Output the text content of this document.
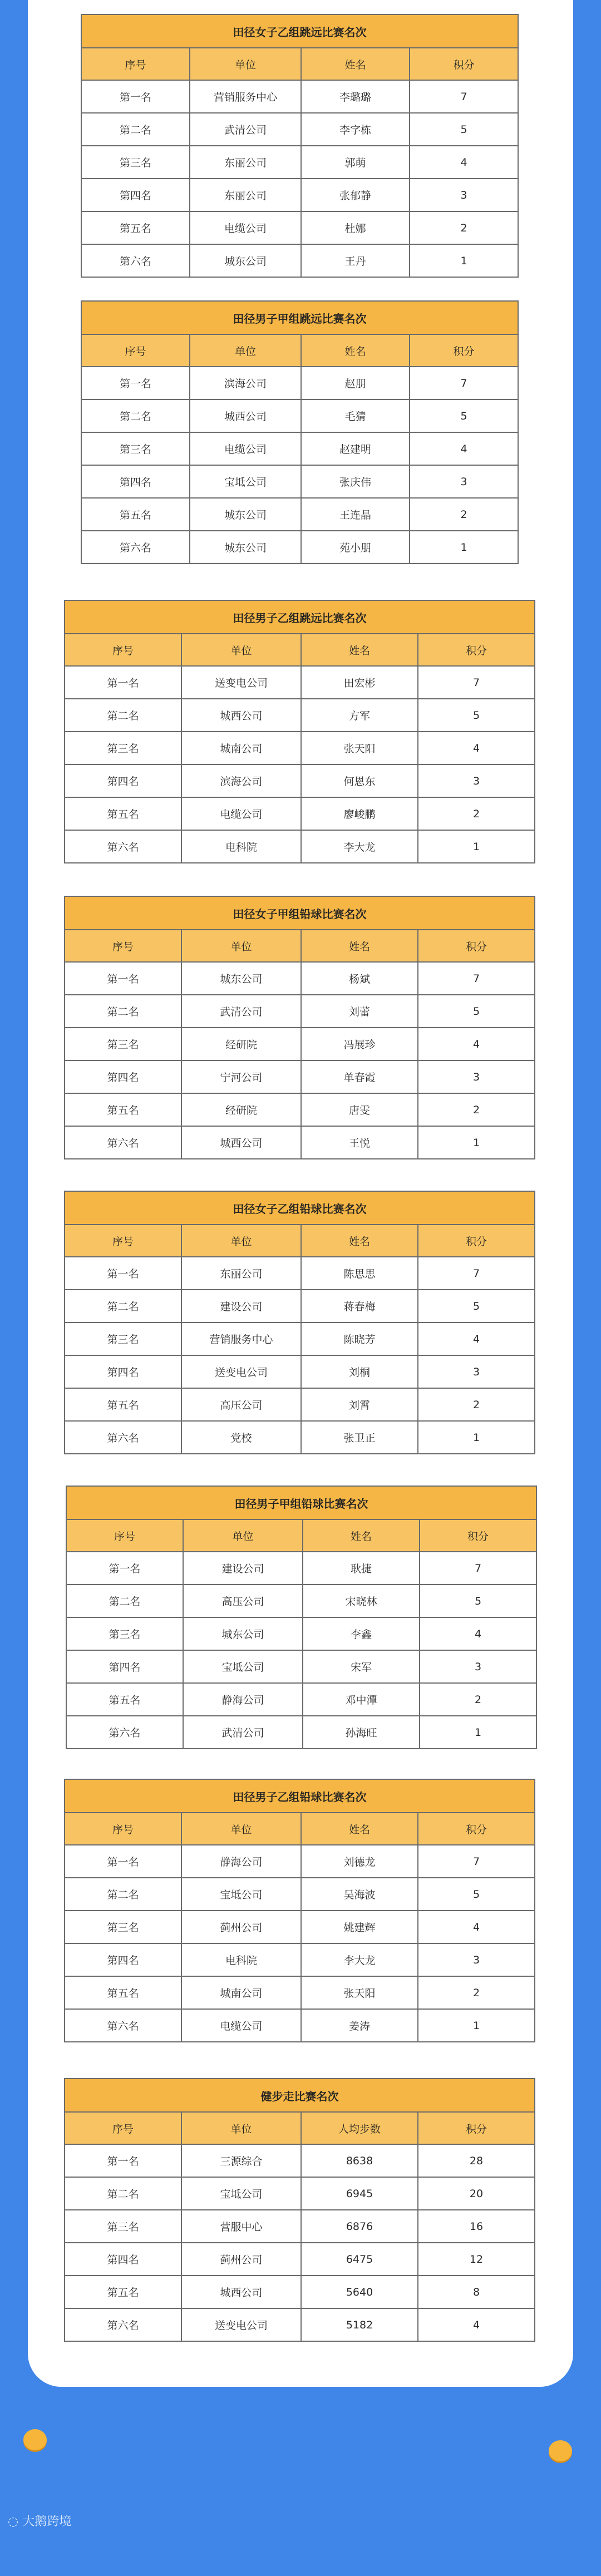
田径女子乙组跳远比赛名次			
序号	单位	姓名	积分
第一名	营销服务中心	李璐璐	7
第二名	武清公司	李字栋	5
第三名	东丽公司	郭萌	4
第四名	东丽公司	张郁静	3
第五名	电缆公司	杜娜	2
第六名	城东公司	王丹	1
田径男子甲组跳远比赛名次			
序号	单位	姓名	积分
第一名	滨海公司	赵朋	7
第二名	城西公司	毛猜	5
第三名	电缆公司	赵建明	4
第四名	宝坻公司	张庆伟	3
第五名	城东公司	王连晶	2
第六名	城东公司	苑小朋	1
田径男子乙组跳远比赛名次			
序号	单位	姓名	积分
第一名	送变电公司	田宏彬	7
第二名	城西公司	方军	5
第三名	城南公司	张天阳	4
第四名	滨海公司	何恩东	3
第五名	电缆公司	廖峻鹏	2
第六名	电科院	李大龙	1
田径女子甲组铅球比赛名次			
序号	单位	姓名	积分
第一名	城东公司	杨斌	7
第二名	武清公司	刘蕾	5
第三名	经研院	冯展珍	4
第四名	宁河公司	单春霞	3
第五名	经研院	唐雯	2
第六名	城西公司	王悦	1
田径女子乙组铅球比赛名次			
序号	单位	姓名	积分
第一名	东丽公司	陈思思	7
第二名	建设公司	蒋春梅	5
第三名	营销服务中心	陈晓芳	4
第四名	送变电公司	刘桐	3
第五名	高压公司	刘霄	2
第六名	党校	张卫正	1
田径男子甲组铅球比赛名次			
序号	单位	姓名	积分
第一名	建设公司	耿捷	7
第二名	高压公司	宋晓林	5
第三名	城东公司	李鑫	4
第四名	宝坻公司	宋军	3
第五名	静海公司	邓中潭	2
第六名	武清公司	孙海旺	1
田径男子乙组铅球比赛名次			
序号	单位	姓名	积分
第一名	静海公司	刘德龙	7
第二名	宝坻公司	吴海波	5
第三名	蓟州公司	姚建辉	4
第四名	电科院	李大龙	3
第五名	城南公司	张天阳	2
第六名	电缆公司	姜涛	1
健步走比赛名次			
序号	单位	人均步数	积分
第一名	三源综合	8638	28
第二名	宝坻公司	6945	20
第三名	营服中心	6876	16
第四名	蓟州公司	6475	12
第五名	城西公司	5640	8
第六名	送变电公司	5182	4
◌ 大鹅跨境
